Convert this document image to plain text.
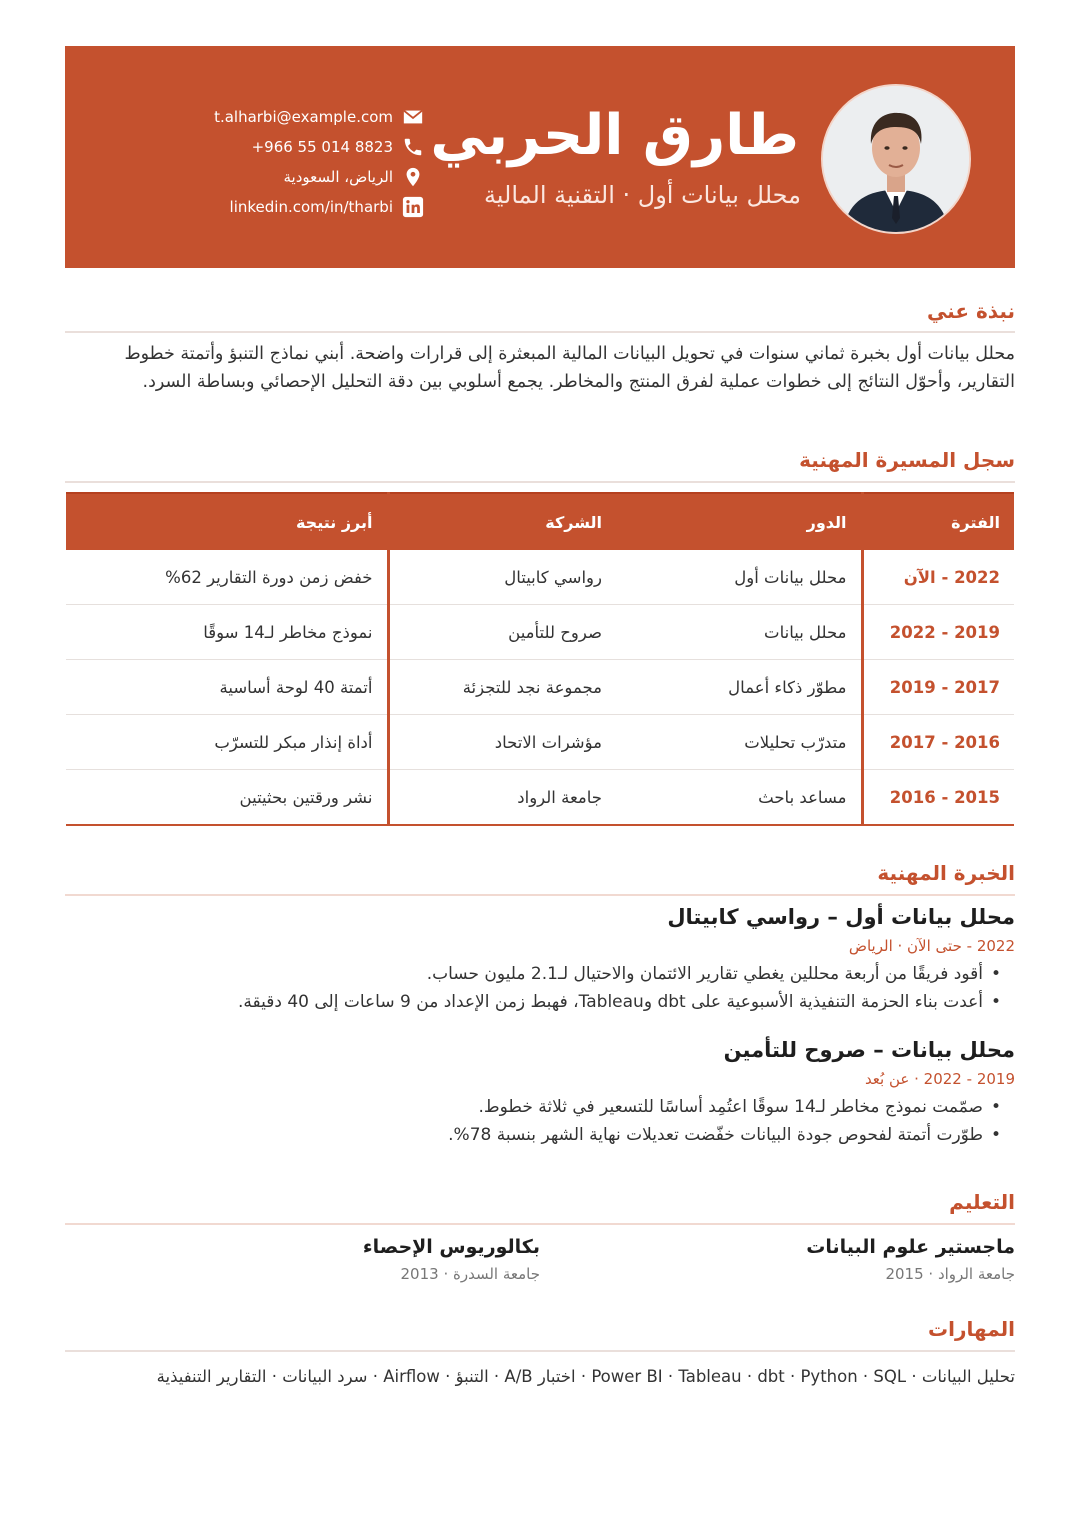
طارق الحربي
محلل بيانات أول · التقنية المالية
t.alharbi@example.com
+966 55 014 8823
الرياض، السعودية
linkedin.com/in/tharbi
نبذة عني
محلل بيانات أول بخبرة ثماني سنوات في تحويل البيانات المالية المبعثرة إلى قرارات واضحة. أبني نماذج التنبؤ وأتمتة خطوط التقارير، وأحوّل النتائج إلى خطوات عملية لفرق المنتج والمخاطر. يجمع أسلوبي بين دقة التحليل الإحصائي وبساطة السرد.
سجل المسيرة المهنية
الفترة	الدور	الشركة	أبرز نتيجة
2022 - الآن	محلل بيانات أول	رواسي كابيتال	خفض زمن دورة التقارير 62%
2019 - 2022	محلل بيانات	صروح للتأمين	نموذج مخاطر لـ14 سوقًا
2017 - 2019	مطوّر ذكاء أعمال	مجموعة نجد للتجزئة	أتمتة 40 لوحة أساسية
2016 - 2017	متدرّب تحليلات	مؤشرات الاتحاد	أداة إنذار مبكر للتسرّب
2015 - 2016	مساعد باحث	جامعة الرواد	نشر ورقتين بحثيتين
الخبرة المهنية
محلل بيانات أول – رواسي كابيتال
2022 - حتى الآن · الرياض
• أقود فريقًا من أربعة محللين يغطي تقارير الائتمان والاحتيال لـ2.1 مليون حساب.
• أعدت بناء الحزمة التنفيذية الأسبوعية على dbt وTableau، فهبط زمن الإعداد من 9 ساعات إلى 40 دقيقة.
محلل بيانات – صروح للتأمين
2019 - 2022 · عن بُعد
• صمّمت نموذج مخاطر لـ14 سوقًا اعتُمِد أساسًا للتسعير في ثلاثة خطوط.
• طوّرت أتمتة لفحوص جودة البيانات خفّضت تعديلات نهاية الشهر بنسبة 78%.
التعليم
ماجستير علوم البيانات
جامعة الرواد · 2015
بكالوريوس الإحصاء
جامعة السدرة · 2013
المهارات
تحليل البيانات · Power BI · Tableau · dbt · Python · SQL · اختبار A/B · التنبؤ · Airflow · سرد البيانات · التقارير التنفيذية
